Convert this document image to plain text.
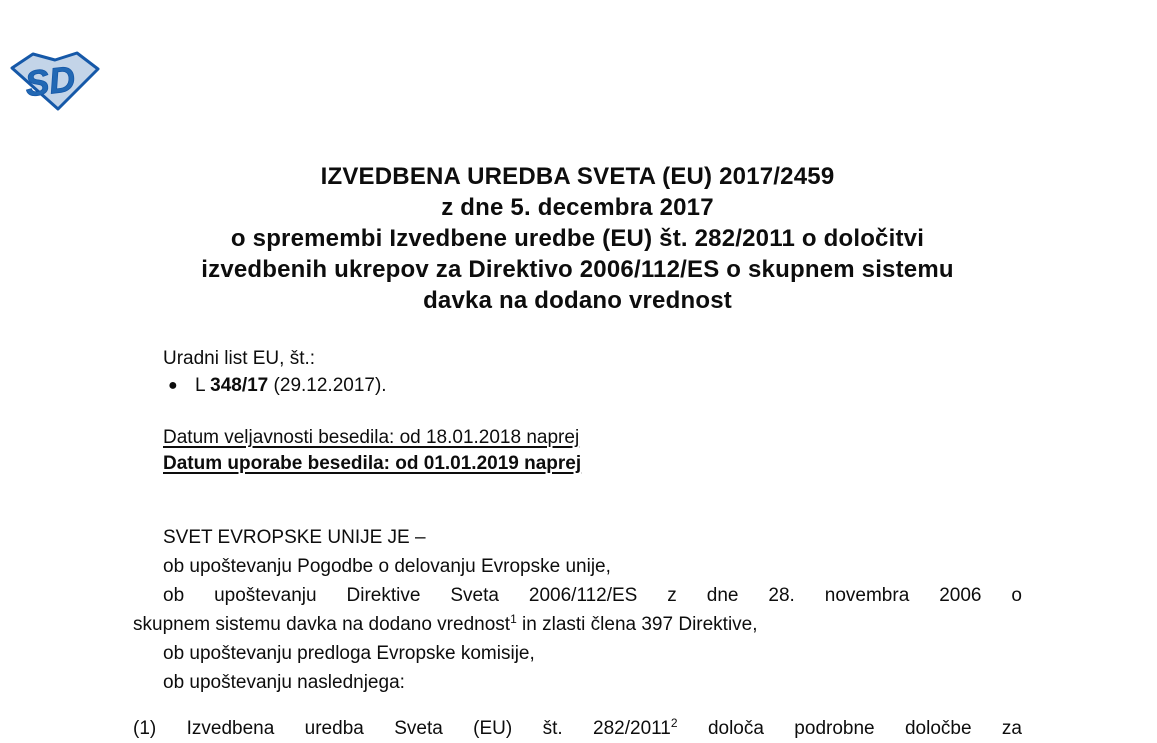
SD
IZVEDBENA UREDBA SVETA (EU) 2017/2459
z dne 5. decembra 2017
o spremembi Izvedbene uredbe (EU) št. 282/2011 o določitvi
izvedbenih ukrepov za Direktivo 2006/112/ES o skupnem sistemu
davka na dodano vrednost
Uradni list EU, št.:
● L 348/17 (29.12.2017).
Datum veljavnosti besedila: od 18.01.2018 naprej
Datum uporabe besedila: od 01.01.2019 naprej
SVET EVROPSKE UNIJE JE –
ob upoštevanju Pogodbe o delovanju Evropske unije,
ob upoštevanju Direktive Sveta 2006/112/ES z dne 28. novembra 2006 o
skupnem sistemu davka na dodano vrednost$^1$ in zlasti člena 397 Direktive,
ob upoštevanju predloga Evropske komisije,
ob upoštevanju naslednjega:
(1) Izvedbena uredba Sveta (EU) št. 282/2011$^2$ določa podrobne določbe za
